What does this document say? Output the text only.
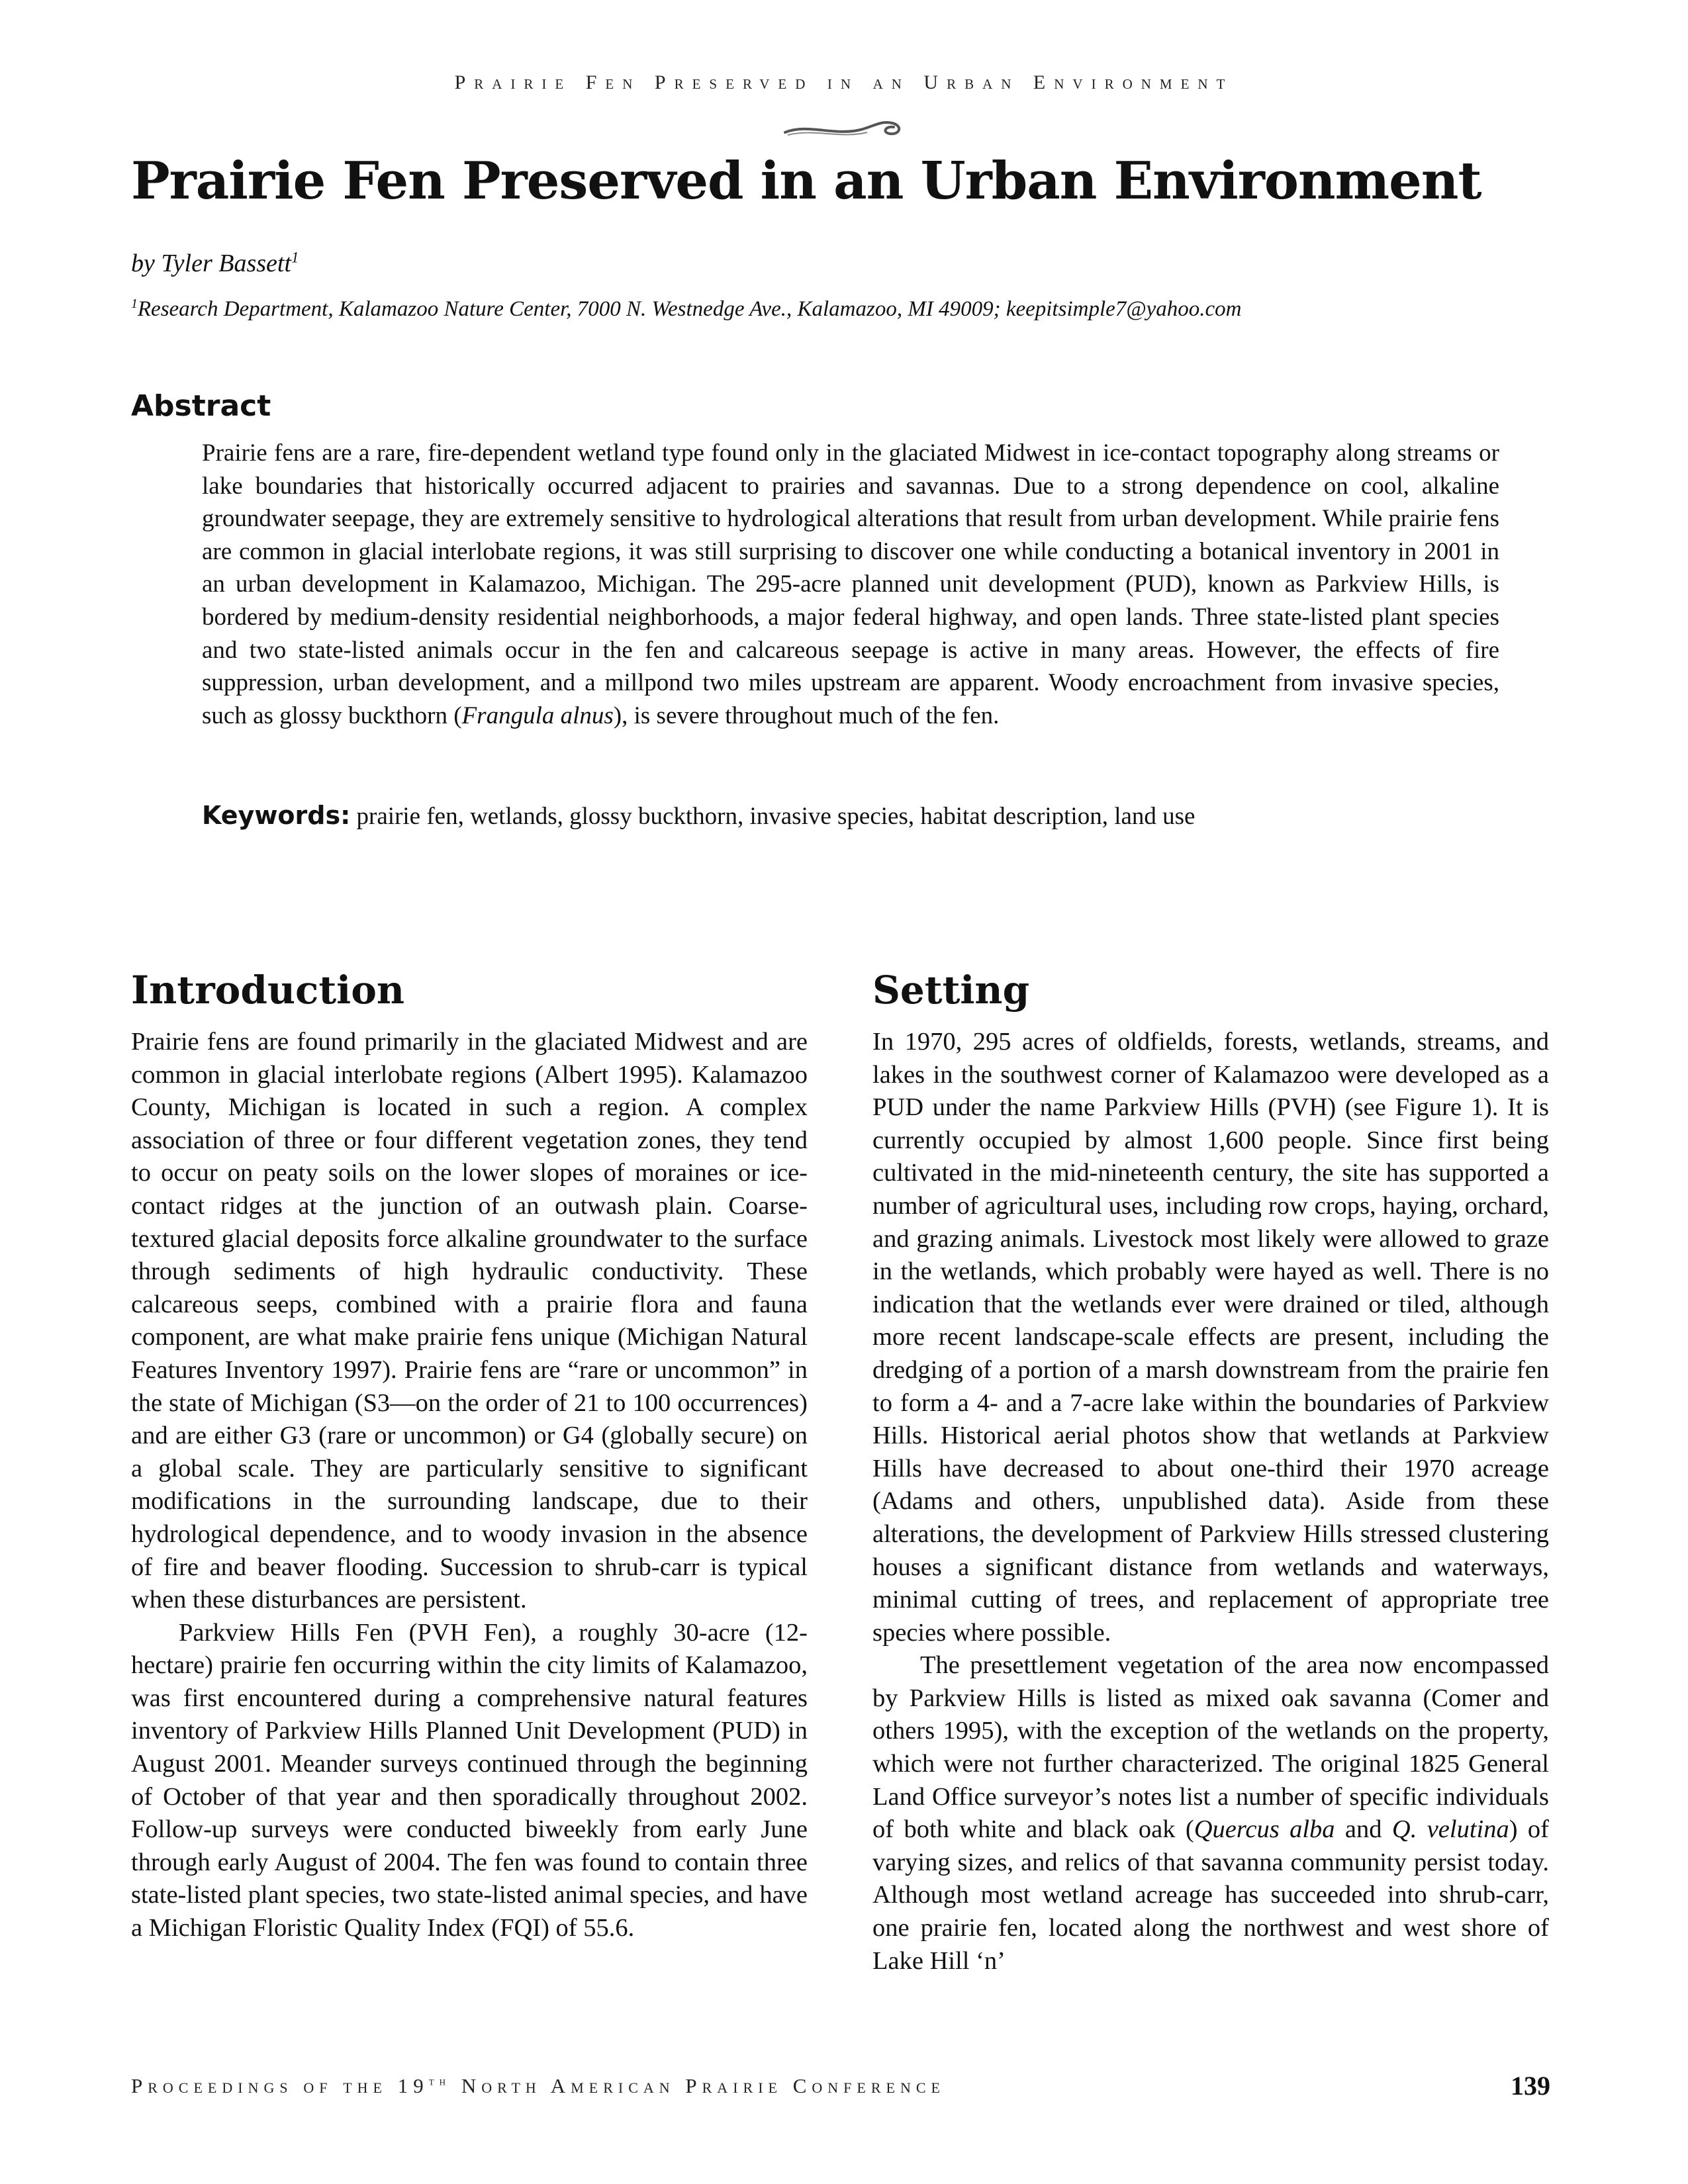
Prairie Fen Preserved in an Urban Environment
Prairie Fen Preserved in an Urban Environment
by Tyler Bassett$^1$
$^1$Research Department, Kalamazoo Nature Center, 7000 N. Westnedge Ave., Kalamazoo, MI 49009; keepitsimple7@yahoo.com
Abstract

Prairie fens are a rare, fire-dependent wetland type found only in the glaciated Midwest in ice-contact topography along streams or lake boundaries that historically occurred adjacent to prairies and savannas. Due to a strong dependence on cool, alkaline groundwater seepage, they are extremely sensitive to hydrological alterations that result from urban development. While prairie fens are common in glacial interlobate regions, it was still surprising to discover one while conducting a botanical inventory in 2001 in an urban development in Kalamazoo, Michigan. The 295-acre planned unit development (PUD), known as Parkview Hills, is bordered by medium-density residential neighborhoods, a major federal highway, and open lands. Three state-listed plant species and two state-listed animals occur in the fen and calcareous seepage is active in many areas. However, the effects of fire suppression, urban development, and a millpond two miles upstream are apparent. Woody encroachment from invasive species, such as glossy buckthorn (Frangula alnus), is severe throughout much of the fen.

Keywords: prairie fen, wetlands, glossy buckthorn, invasive species, habitat description, land use

Introduction	Setting

Prairie fens are found primarily in the glaciated Midwest and are common in glacial interlobate regions (Albert 1995). Kalamazoo County, Michigan is located in such a region. A complex association of three or four different vegetation zones, they tend to occur on peaty soils on the lower slopes of moraines or ice-contact ridges at the junction of an outwash plain. Coarse-textured glacial deposits force alkaline groundwater to the surface through sediments of high hydraulic conductivity. These calcareous seeps, combined with a prairie flora and fauna component, are what make prairie fens unique (Michigan Natural Features Inventory 1997). Prairie fens are “rare or uncommon” in the state of Michigan (S3—on the order of 21 to 100 occurrences) and are either G3 (rare or uncommon) or G4 (globally secure) on a global scale. They are particularly sensitive to significant modifications in the surrounding landscape, due to their hydrological dependence, and to woody invasion in the absence of fire and beaver flooding. Succession to shrub-carr is typical when these disturbances are persistent.

Parkview Hills Fen (PVH Fen), a roughly 30-acre (12-hectare) prairie fen occurring within the city limits of Kalamazoo, was first encountered during a comprehensive natural features inventory of Parkview Hills Planned Unit Development (PUD) in August 2001. Meander surveys continued through the beginning of October of that year and then sporadically throughout 2002. Follow-up surveys were conducted biweekly from early June through early August of 2004. The fen was found to contain three state-listed plant species, two state-listed animal species, and have a Michigan Floristic Quality Index (FQI) of 55.6.

In 1970, 295 acres of oldfields, forests, wetlands, streams, and lakes in the southwest corner of Kalamazoo were developed as a PUD under the name Parkview Hills (PVH) (see Figure 1). It is currently occupied by almost 1,600 people. Since first being cultivated in the mid-nineteenth century, the site has supported a number of agricultural uses, including row crops, haying, orchard, and grazing animals. Livestock most likely were allowed to graze in the wetlands, which probably were hayed as well. There is no indication that the wetlands ever were drained or tiled, although more recent landscape-scale effects are present, including the dredging of a portion of a marsh downstream from the prairie fen to form a 4- and a 7-acre lake within the boundaries of Parkview Hills. Historical aerial photos show that wetlands at Parkview Hills have decreased to about one-third their 1970 acreage (Adams and others, unpublished data). Aside from these alterations, the development of Parkview Hills stressed clustering houses a significant distance from wetlands and waterways, minimal cutting of trees, and replacement of appropriate tree species where possible.

The presettlement vegetation of the area now encompassed by Parkview Hills is listed as mixed oak savanna (Comer and others 1995), with the exception of the wetlands on the property, which were not further characterized. The original 1825 General Land Office surveyor’s notes list a number of specific individuals of both white and black oak (Quercus alba and Q. velutina) of varying sizes, and relics of that savanna community persist today. Although most wetland acreage has succeeded into shrub-carr, one prairie fen, located along the northwest and west shore of Lake Hill ‘n’

Proceedings of the 19th North American Prairie Conference	139
